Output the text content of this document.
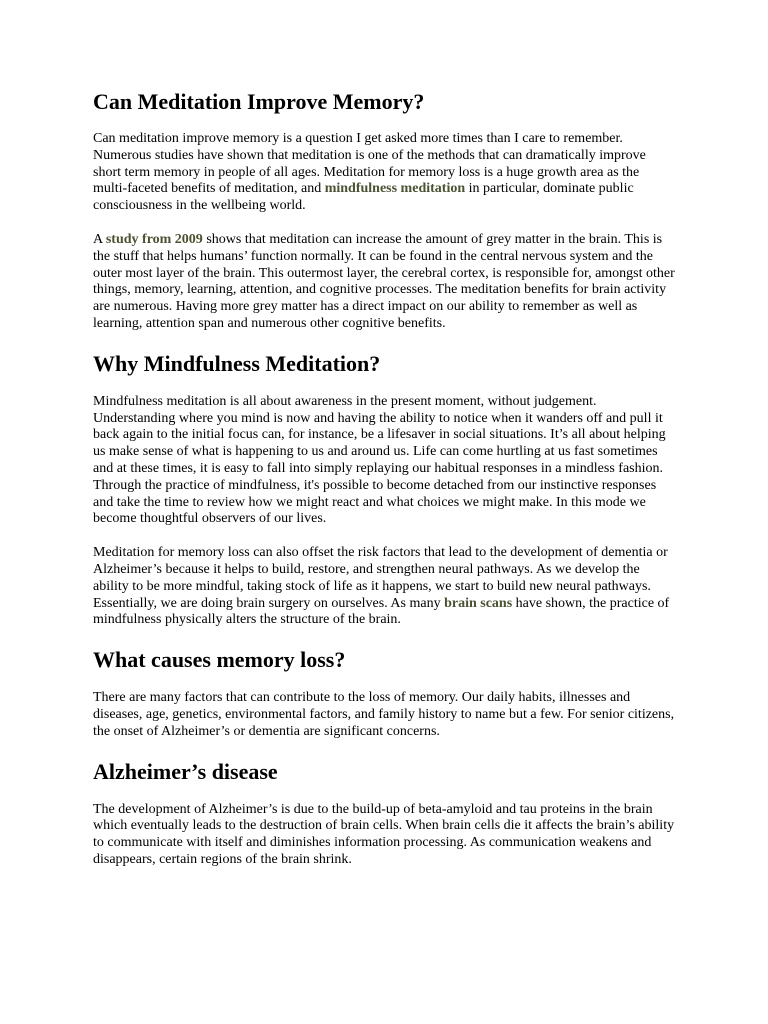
Can Meditation Improve Memory?

Can meditation improve memory is a question I get asked more times than I care to remember. Numerous studies have shown that meditation is one of the methods that can dramatically improve short term memory in people of all ages. Meditation for memory loss is a huge growth area as the multi-faceted benefits of meditation, and mindfulness meditation in particular, dominate public consciousness in the wellbeing world.

A study from 2009 shows that meditation can increase the amount of grey matter in the brain. This is the stuff that helps humans’ function normally. It can be found in the central nervous system and the outer most layer of the brain. This outermost layer, the cerebral cortex, is responsible for, amongst other things, memory, learning, attention, and cognitive processes. The meditation benefits for brain activity are numerous. Having more grey matter has a direct impact on our ability to remember as well as learning, attention span and numerous other cognitive benefits.

Why Mindfulness Meditation?

Mindfulness meditation is all about awareness in the present moment, without judgement. Understanding where you mind is now and having the ability to notice when it wanders off and pull it back again to the initial focus can, for instance, be a lifesaver in social situations. It’s all about helping us make sense of what is happening to us and around us. Life can come hurtling at us fast sometimes and at these times, it is easy to fall into simply replaying our habitual responses in a mindless fashion. Through the practice of mindfulness, it's possible to become detached from our instinctive responses and take the time to review how we might react and what choices we might make. In this mode we become thoughtful observers of our lives.

Meditation for memory loss can also offset the risk factors that lead to the development of dementia or Alzheimer’s because it helps to build, restore, and strengthen neural pathways. As we develop the ability to be more mindful, taking stock of life as it happens, we start to build new neural pathways. Essentially, we are doing brain surgery on ourselves. As many brain scans have shown, the practice of mindfulness physically alters the structure of the brain.

What causes memory loss?

There are many factors that can contribute to the loss of memory. Our daily habits, illnesses and diseases, age, genetics, environmental factors, and family history to name but a few. For senior citizens, the onset of Alzheimer’s or dementia are significant concerns.

Alzheimer’s disease

The development of Alzheimer’s is due to the build-up of beta-amyloid and tau proteins in the brain which eventually leads to the destruction of brain cells. When brain cells die it affects the brain’s ability to communicate with itself and diminishes information processing. As communication weakens and disappears, certain regions of the brain shrink.
